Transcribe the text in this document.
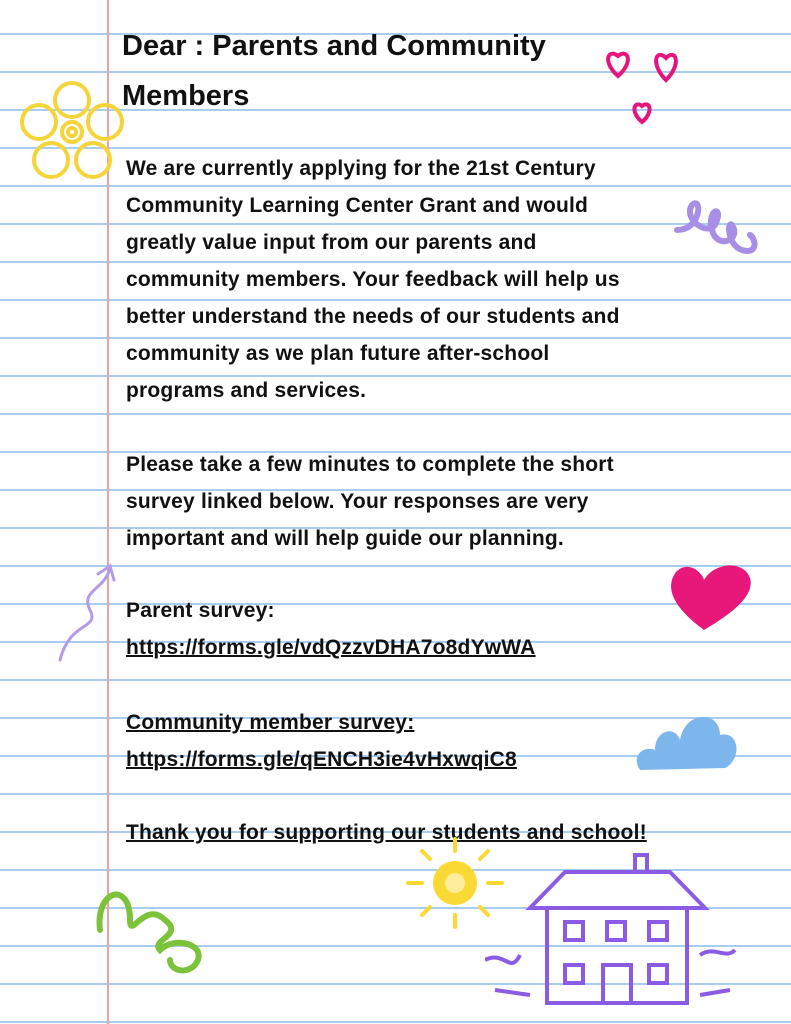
Dear : Parents and Community
Members
We are currently applying for the 21st Century
Community Learning Center Grant and would
greatly value input from our parents and
community members. Your feedback will help us
better understand the needs of our students and
community as we plan future after-school
programs and services.
Please take a few minutes to complete the short
survey linked below. Your responses are very
important and will help guide our planning.
Parent survey:
https://forms.gle/vdQzzvDHA7o8dYwWA
Community member survey:
https://forms.gle/qENCH3ie4vHxwqiC8
Thank you for supporting our students and school!
